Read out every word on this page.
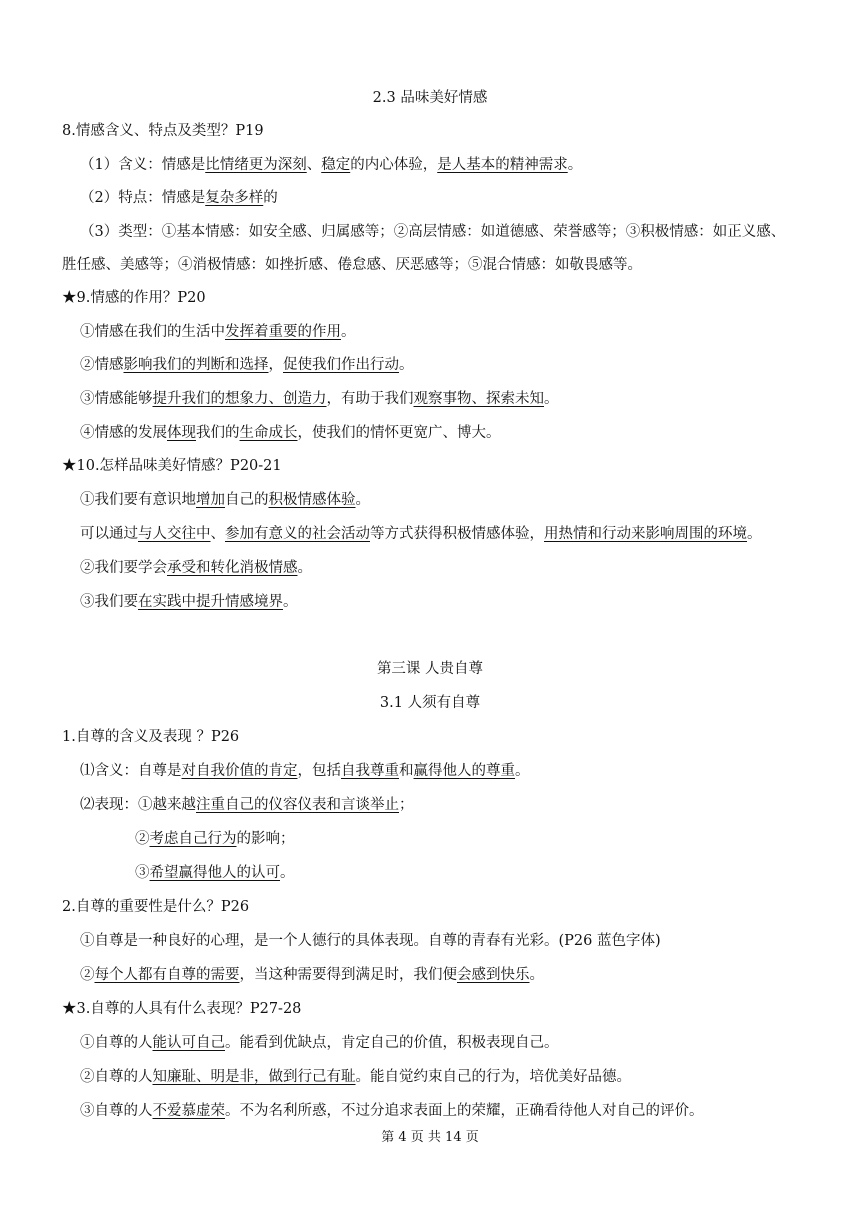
2.3 品味美好情感
8.情感含义、特点及类型？P19
（1）含义：情感是比情绪更为深刻、稳定的内心体验，是人基本的精神需求。
（2）特点：情感是复杂多样的
（3）类型：①基本情感：如安全感、归属感等；②高层情感：如道德感、荣誉感等；③积极情感：如正义感、
胜任感、美感等；④消极情感：如挫折感、倦怠感、厌恶感等；⑤混合情感：如敬畏感等。
★9.情感的作用？P20
①情感在我们的生活中发挥着重要的作用。
②情感影响我们的判断和选择，促使我们作出行动。
③情感能够提升我们的想象力、创造力，有助于我们观察事物、探索未知。
④情感的发展体现我们的生命成长，使我们的情怀更宽广、博大。
★10.怎样品味美好情感？P20-21
①我们要有意识地增加自己的积极情感体验。
可以通过与人交往中、参加有意义的社会活动等方式获得积极情感体验，用热情和行动来影响周围的环境。
②我们要学会承受和转化消极情感。
③我们要在实践中提升情感境界。
第三课 人贵自尊
3.1 人须有自尊
1.自尊的含义及表现 ？P26
⑴含义：自尊是对自我价值的肯定，包括自我尊重和赢得他人的尊重。
⑵表现：①越来越注重自己的仪容仪表和言谈举止；
②考虑自己行为的影响；
③希望赢得他人的认可。
2.自尊的重要性是什么？P26
①自尊是一种良好的心理，是一个人德行的具体表现。自尊的青春有光彩。(P26 蓝色字体)
②每个人都有自尊的需要，当这种需要得到满足时，我们便会感到快乐。
★3.自尊的人具有什么表现？P27-28
①自尊的人能认可自己。能看到优缺点，肯定自己的价值，积极表现自己。
②自尊的人知廉耻、明是非，做到行己有耻。能自觉约束自己的行为，培优美好品德。
③自尊的人不爱慕虚荣。不为名利所惑，不过分追求表面上的荣耀，正确看待他人对自己的评价。
第 4 页 共 14 页
